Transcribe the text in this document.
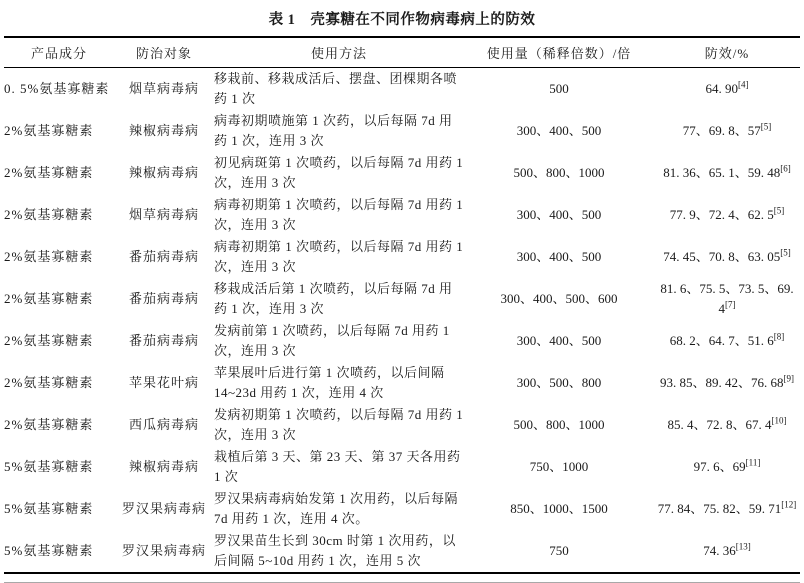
表 1　壳寡糖在不同作物病毒病上的防效
产品成分	防治对象	使用方法	使用量（稀释倍数）/倍	防效/%
0. 5%氨基寡糖素	烟草病毒病	移栽前、移栽成活后、摆盘、团棵期各喷药 1 次	500	64. 90[4]
2%氨基寡糖素	辣椒病毒病	病毒初期喷施第 1 次药，以后每隔 7d 用药 1 次，连用 3 次	300、400、500	77、69. 8、57[5]
2%氨基寡糖素	辣椒病毒病	初见病斑第 1 次喷药，以后每隔 7d 用药 1 次，连用 3 次	500、800、1000	81. 36、65. 1、59. 48[6]
2%氨基寡糖素	烟草病毒病	病毒初期第 1 次喷药，以后每隔 7d 用药 1 次，连用 3 次	300、400、500	77. 9、72. 4、62. 5[5]
2%氨基寡糖素	番茄病毒病	病毒初期第 1 次喷药，以后每隔 7d 用药 1 次，连用 3 次	300、400、500	74. 45、70. 8、63. 05[5]
2%氨基寡糖素	番茄病毒病	移栽成活后第 1 次喷药，以后每隔 7d 用药 1 次，连用 3 次	300、400、500、600	81. 6、75. 5、73. 5、69. 4[7]
2%氨基寡糖素	番茄病毒病	发病前第 1 次喷药，以后每隔 7d 用药 1 次，连用 3 次	300、400、500	68. 2、64. 7、51. 6[8]
2%氨基寡糖素	苹果花叶病	苹果展叶后进行第 1 次喷药，以后间隔 14~23d 用药 1 次，连用 4 次	300、500、800	93. 85、89. 42、76. 68[9]
2%氨基寡糖素	西瓜病毒病	发病初期第 1 次喷药，以后每隔 7d 用药 1 次，连用 3 次	500、800、1000	85. 4、72. 8、67. 4[10]
5%氨基寡糖素	辣椒病毒病	栽植后第 3 天、第 23 天、第 37 天各用药 1 次	750、1000	97. 6、69[11]
5%氨基寡糖素	罗汉果病毒病	罗汉果病毒病始发第 1 次用药，以后每隔 7d 用药 1 次，连用 4 次。	850、1000、1500	77. 84、75. 82、59. 71[12]
5%氨基寡糖素	罗汉果病毒病	罗汉果苗生长到 30cm 时第 1 次用药，以后间隔 5~10d 用药 1 次，连用 5 次	750	74. 36[13]
